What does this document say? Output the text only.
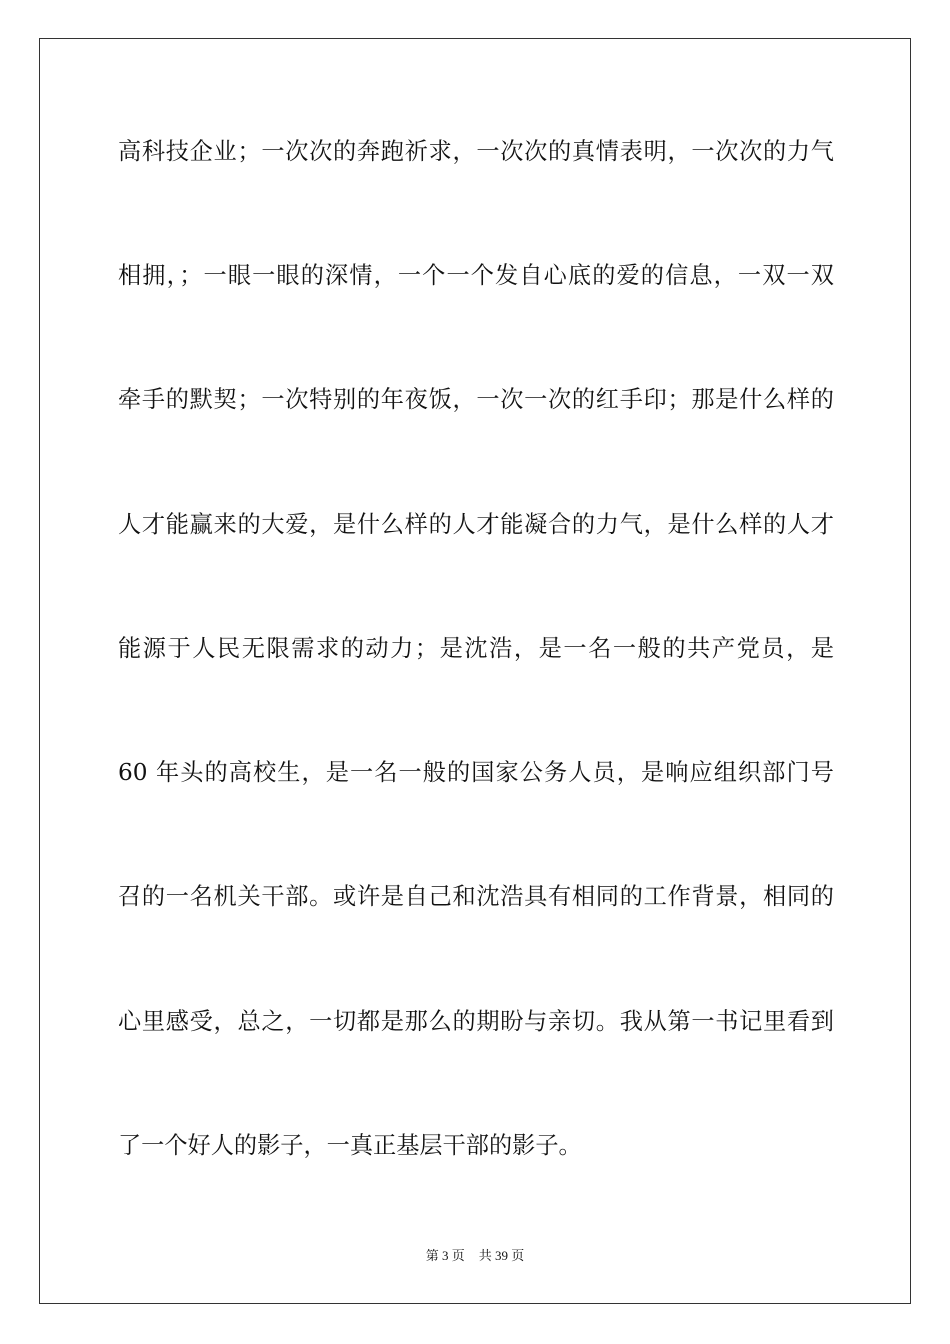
高科技企业；一次次的奔跑祈求，一次次的真情表明，一次次的力气
相拥，；一眼一眼的深情，一个一个发自心底的爱的信息，一双一双
牵手的默契；一次特别的年夜饭，一次一次的红手印；那是什么样的
人才能赢来的大爱，是什么样的人才能凝合的力气，是什么样的人才
能源于人民无限需求的动力；是沈浩，是一名一般的共产党员，是
60 年头的高校生，是一名一般的国家公务人员，是响应组织部门号
召的一名机关干部。或许是自己和沈浩具有相同的工作背景，相同的
心里感受，总之，一切都是那么的期盼与亲切。我从第一书记里看到
了一个好人的影子，一真正基层干部的影子。
第 3 页 共 39 页
